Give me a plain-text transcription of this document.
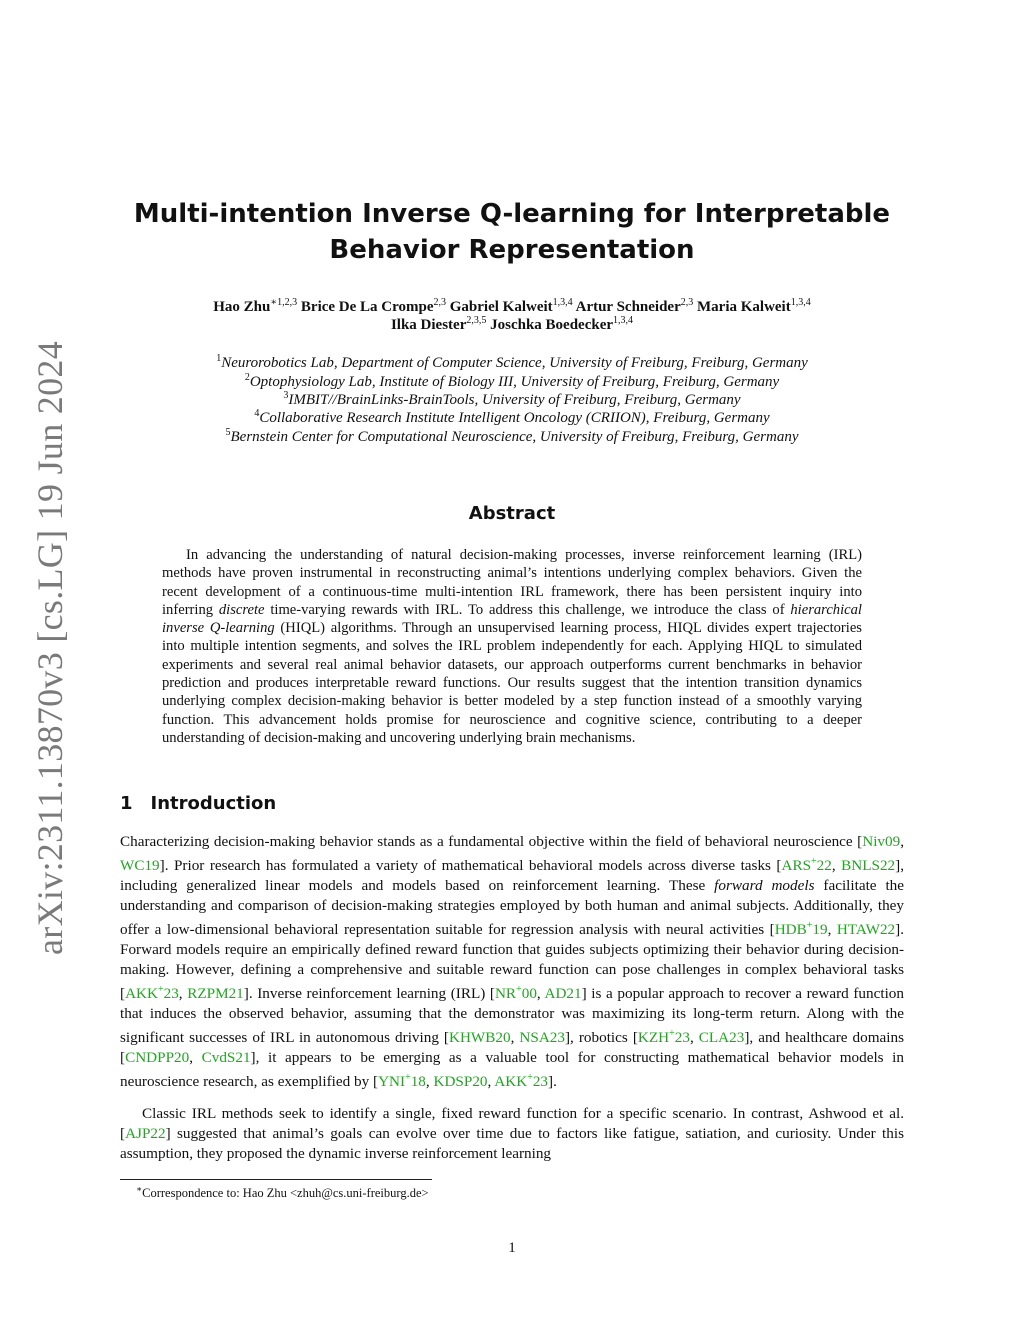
arXiv:2311.13870v3 [cs.LG] 19 Jun 2024
Multi-intention Inverse Q-learning for Interpretable Behavior Representation
Hao Zhu$^{∗1,2,3}$ Brice De La Crompe$^{2,3}$ Gabriel Kalweit$^{1,3,4}$ Artur Schneider$^{2,3}$ Maria Kalweit$^{1,3,4}$
Ilka Diester$^{2,3,5}$ Joschka Boedecker$^{1,3,4}$
$^1$Neurorobotics Lab, Department of Computer Science, University of Freiburg, Freiburg, Germany
$^2$Optophysiology Lab, Institute of Biology III, University of Freiburg, Freiburg, Germany
$^3$IMBIT//BrainLinks-BrainTools, University of Freiburg, Freiburg, Germany
$^4$Collaborative Research Institute Intelligent Oncology (CRIION), Freiburg, Germany
$^5$Bernstein Center for Computational Neuroscience, University of Freiburg, Freiburg, Germany
Abstract
In advancing the understanding of natural decision-making processes, inverse reinforcement learning (IRL) methods have proven instrumental in reconstructing animal’s intentions underlying complex behaviors. Given the recent development of a continuous-time multi-intention IRL framework, there has been persistent inquiry into inferring discrete time-varying rewards with IRL. To address this challenge, we introduce the class of hierarchical inverse Q-learning (HIQL) algorithms. Through an unsupervised learning process, HIQL divides expert trajectories into multiple intention segments, and solves the IRL problem independently for each. Applying HIQL to simulated experiments and several real animal behavior datasets, our approach outperforms current benchmarks in behavior prediction and produces interpretable reward functions. Our results suggest that the intention transition dynamics underlying complex decision-making behavior is better modeled by a step function instead of a smoothly varying function. This advancement holds promise for neuroscience and cognitive science, contributing to a deeper understanding of decision-making and uncovering underlying brain mechanisms.
1 Introduction
Characterizing decision-making behavior stands as a fundamental objective within the field of behavioral neuroscience [Niv09, WC19]. Prior research has formulated a variety of mathematical behavioral models across diverse tasks [ARS+22, BNLS22], including generalized linear models and models based on reinforcement learning. These forward models facilitate the understanding and comparison of decision-making strategies employed by both human and animal subjects. Additionally, they offer a low-dimensional behavioral representation suitable for regression analysis with neural activities [HDB+19, HTAW22]. Forward models require an empirically defined reward function that guides subjects optimizing their behavior during decision-making. However, defining a comprehensive and suitable reward function can pose challenges in complex behavioral tasks [AKK+23, RZPM21]. Inverse reinforcement learning (IRL) [NR+00, AD21] is a popular approach to recover a reward function that induces the observed behavior, assuming that the demonstrator was maximizing its long-term return. Along with the significant successes of IRL in autonomous driving [KHWB20, NSA23], robotics [KZH+23, CLA23], and healthcare domains [CNDPP20, CvdS21], it appears to be emerging as a valuable tool for constructing mathematical behavior models in neuroscience research, as exemplified by [YNI+18, KDSP20, AKK+23].
Classic IRL methods seek to identify a single, fixed reward function for a specific scenario. In contrast, Ashwood et al. [AJP22] suggested that animal’s goals can evolve over time due to factors like fatigue, satiation, and curiosity. Under this assumption, they proposed the dynamic inverse reinforcement learning
∗Correspondence to: Hao Zhu <zhuh@cs.uni-freiburg.de>
1
